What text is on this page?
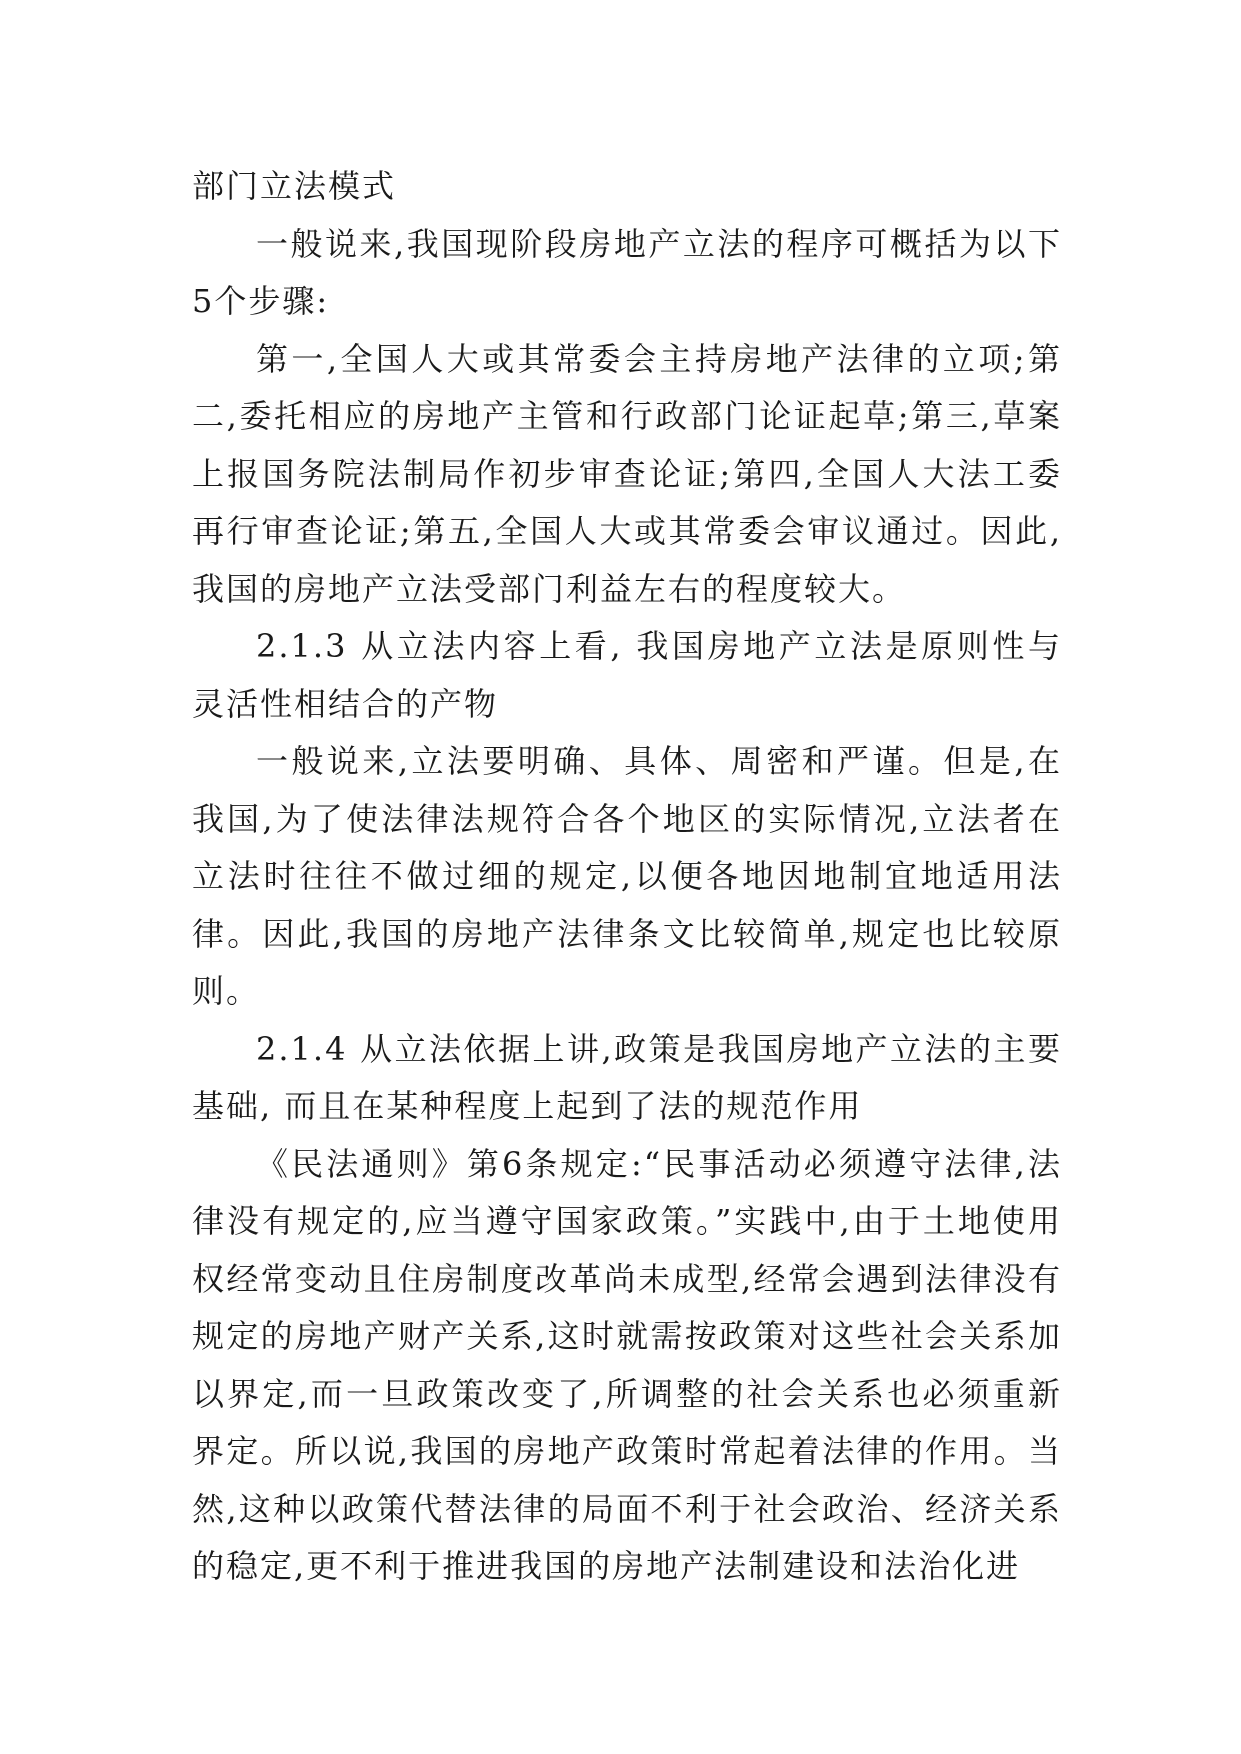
部门立法模式

一般说来,我国现阶段房地产立法的程序可概括为以下5个步骤:

第一,全国人大或其常委会主持房地产法律的立项;第二,委托相应的房地产主管和行政部门论证起草;第三,草案上报国务院法制局作初步审查论证;第四,全国人大法工委再行审查论证;第五,全国人大或其常委会审议通过。因此,我国的房地产立法受部门利益左右的程度较大。

2.1.3 从立法内容上看, 我国房地产立法是原则性与灵活性相结合的产物

一般说来,立法要明确、具体、周密和严谨。但是,在我国,为了使法律法规符合各个地区的实际情况,立法者在立法时往往不做过细的规定,以便各地因地制宜地适用法律。因此,我国的房地产法律条文比较简单,规定也比较原则。

2.1.4 从立法依据上讲,政策是我国房地产立法的主要基础, 而且在某种程度上起到了法的规范作用

《民法通则》第6条规定:“民事活动必须遵守法律,法律没有规定的,应当遵守国家政策。”实践中,由于土地使用权经常变动且住房制度改革尚未成型,经常会遇到法律没有规定的房地产财产关系,这时就需按政策对这些社会关系加以界定,而一旦政策改变了,所调整的社会关系也必须重新界定。所以说,我国的房地产政策时常起着法律的作用。当然,这种以政策代替法律的局面不利于社会政治、经济关系的稳定,更不利于推进我国的房地产法制建设和法治化进
